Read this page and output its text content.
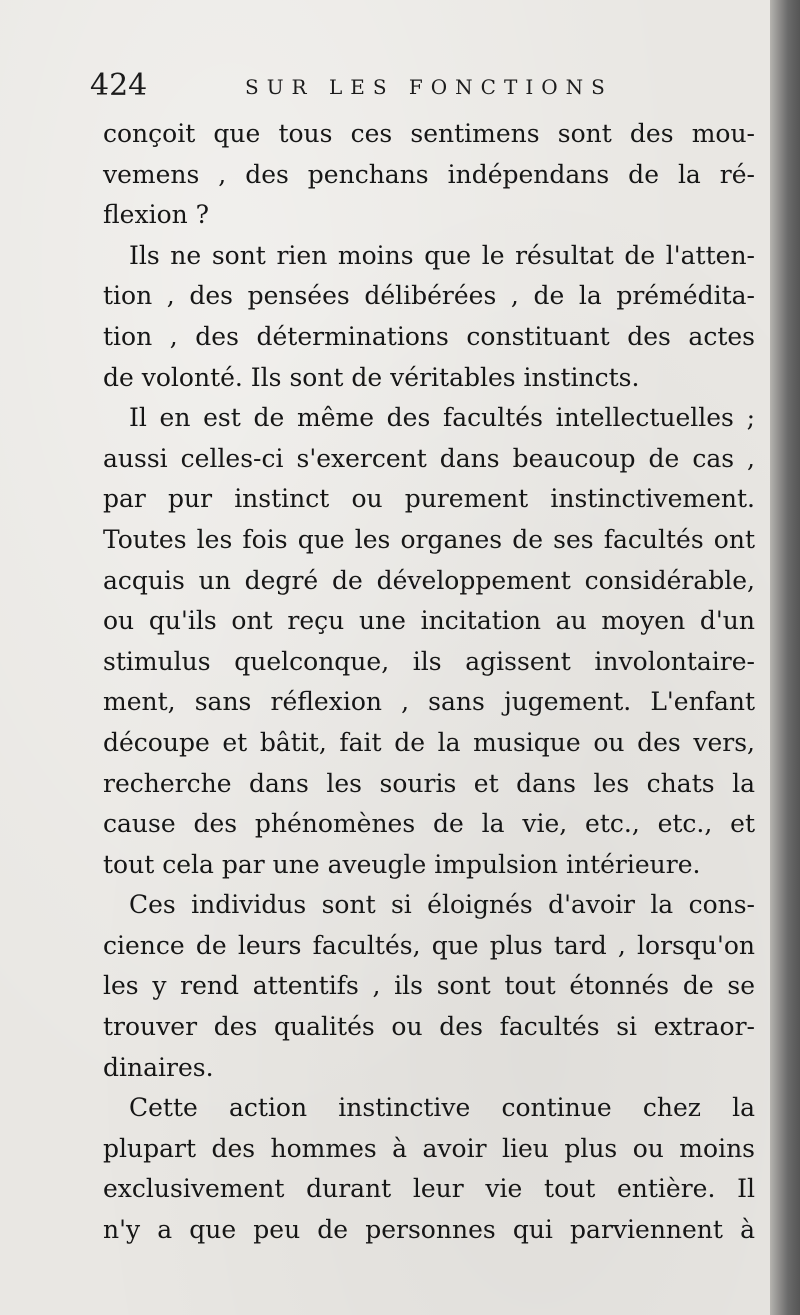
424	SUR LES FONCTIONS
conçoit que tous ces sentimens sont des mou-
vemens , des penchans indépendans de la ré-
flexion ?
Ils ne sont rien moins que le résultat de l'atten-
tion , des pensées délibérées , de la prémédita-
tion , des déterminations constituant des actes
de volonté. Ils sont de véritables instincts.
Il en est de même des facultés intellectuelles ;
aussi celles-ci s'exercent dans beaucoup de cas ,
par pur instinct ou purement instinctivement.
Toutes les fois que les organes de ses facultés ont
acquis un degré de développement considérable,
ou qu'ils ont reçu une incitation au moyen d'un
stimulus quelconque, ils agissent involontaire-
ment, sans réflexion , sans jugement. L'enfant
découpe et bâtit, fait de la musique ou des vers,
recherche dans les souris et dans les chats la
cause des phénomènes de la vie, etc., etc., et
tout cela par une aveugle impulsion intérieure.
Ces individus sont si éloignés d'avoir la cons-
cience de leurs facultés, que plus tard , lorsqu'on
les y rend attentifs , ils sont tout étonnés de se
trouver des qualités ou des facultés si extraor-
dinaires.
Cette action instinctive continue chez la
plupart des hommes à avoir lieu plus ou moins
exclusivement durant leur vie tout entière. Il
n'y a que peu de personnes qui parviennent à
